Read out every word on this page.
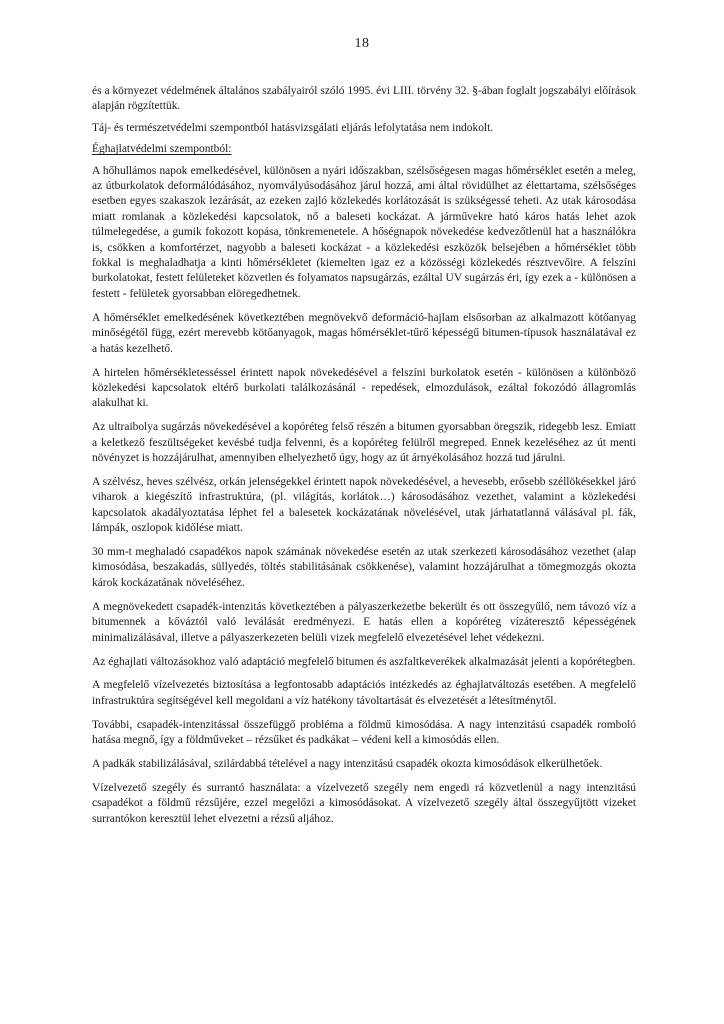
18

és a környezet védelmének általános szabályairól szóló 1995. évi LIII. törvény 32. §-ában foglalt jogszabályi előírások alapján rögzítettük.

Táj- és természetvédelmi szempontból hatásvizsgálati eljárás lefolytatása nem indokolt.

Éghajlatvédelmi szempontból:

A hőhullámos napok emelkedésével, különösen a nyári időszakban, szélsőségesen magas hőmérséklet esetén a meleg, az útburkolatok deformálódásához, nyomvályúsodásához járul hozzá, ami által rövidülhet az élettartama, szélsőséges esetben egyes szakaszok lezárását, az ezeken zajló közlekedés korlátozását is szükségessé teheti. Az utak károsodása miatt romlanak a közlekedési kapcsolatok, nő a baleseti kockázat. A járművekre ható káros hatás lehet azok túlmelegedése, a gumik fokozott kopása, tönkremenetele. A hőségnapok növekedése kedvezőtlenül hat a használókra is, csökken a komfortérzet, nagyobb a baleseti kockázat - a közlekedési eszközök belsejében a hőmérséklet több fokkal is meghaladhatja a kinti hőmérsékletet (kiemelten igaz ez a közösségi közlekedés résztvevőire. A felszíni burkolatokat, festett felületeket közvetlen és folyamatos napsugárzás, ezáltal UV sugárzás éri, így ezek a - különösen a festett - felületek gyorsabban elöregedhetnek.

A hőmérséklet emelkedésének következtében megnövekvő deformáció-hajlam elsősorban az alkalmazott kötőanyag minőségétől függ, ezért merevebb kötőanyagok, magas hőmérséklet-tűrő képességű bitumen-típusok használatával ez a hatás kezelhető.

A hirtelen hőmérsékletesséssel érintett napok növekedésével a felszíni burkolatok esetén - különösen a különböző közlekedési kapcsolatok eltérő burkolati találkozásánál - repedések, elmozdulások, ezáltal fokozódó állagromlás alakulhat ki.

Az ultraibolya sugárzás növekedésével a kopóréteg felső részén a bitumen gyorsabban öregszik, ridegebb lesz. Emiatt a keletkező feszültségeket kevésbé tudja felvenni, és a kopóréteg felülről megreped. Ennek kezeléséhez az út menti növényzet is hozzájárulhat, amennyiben elhelyezhető úgy, hogy az út árnyékolásához hozzá tud járulni.

A szélvész, heves szélvész, orkán jelenségekkel érintett napok növekedésével, a hevesebb, erősebb széllökésekkel járó viharok a kiegészítő infrastruktúra, (pl. világítás, korlátok…) károsodásához vezethet, valamint a közlekedési kapcsolatok akadályoztatása léphet fel a balesetek kockázatának növelésével, utak járhatatlanná válásával pl. fák, lámpák, oszlopok kidőlése miatt.

30 mm-t meghaladó csapadékos napok számának növekedése esetén az utak szerkezeti károsodásához vezethet (alap kimosódása, beszakadás, süllyedés, töltés stabilitásának csökkenése), valamint hozzájárulhat a tömegmozgás okozta károk kockázatának növeléséhez.

A megnövekedett csapadék-intenzitás következtében a pályaszerkezetbe bekerült és ott összegyűlő, nem távozó víz a bitumennek a kőváztól való leválását eredményezi. E hatás ellen a kopóréteg vízáteresztő képességének minimalizálásával, illetve a pályaszerkezeten belüli vizek megfelelő elvezetésével lehet védekezni.

Az éghajlati változásokhoz való adaptáció megfelelő bitumen és aszfaltkeverékek alkalmazását jelenti a kopórétegben.

A megfelelő vízelvezetés biztosítása a legfontosabb adaptációs intézkedés az éghajlatváltozás esetében. A megfelelő infrastruktúra segítségével kell megoldani a víz hatékony távoltartását és elvezetését a létesítménytől.

További, csapadék-intenzitással összefüggő probléma a földmű kimosódása. A nagy intenzitású csapadék romboló hatása megnő, így a földműveket – rézsűket és padkákat – védeni kell a kimosódás ellen.

A padkák stabilizálásával, szilárdabbá tételével a nagy intenzitású csapadék okozta kimosódások elkerülhetőek.

Vízelvezető szegély és surrantó használata: a vízelvezető szegély nem engedi rá közvetlenül a nagy intenzitású csapadékot a földmű rézsűjére, ezzel megelőzi a kimosódásokat. A vízelvezető szegély által összegyűjtött vizeket surrantókon keresztül lehet elvezetni a rézsű aljához.
